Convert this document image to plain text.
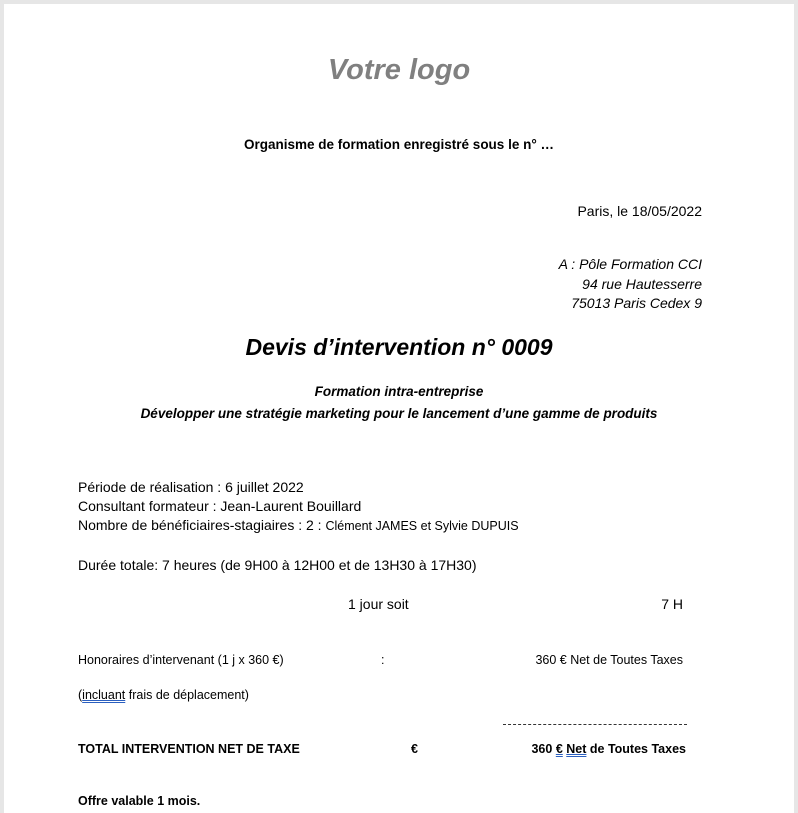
Votre logo
Organisme de formation enregistré sous le n° …
Paris, le 18/05/2022
A : Pôle Formation CCI
94 rue Hautesserre
75013 Paris Cedex 9
Devis d’intervention n° 0009
Formation intra-entreprise
Développer une stratégie marketing pour le lancement d’une gamme de produits
Période de réalisation : 6 juillet 2022
Consultant formateur : Jean-Laurent Bouillard
Nombre de bénéficiaires-stagiaires : 2 : Clément JAMES et Sylvie DUPUIS
Durée totale: 7 heures (de 9H00 à 12H00 et de 13H30 à 17H30)
1 jour soit	7 H
Honoraires d’intervenant (1 j x 360 €)	:	360 € Net de Toutes Taxes
(incluant frais de déplacement)
TOTAL INTERVENTION NET DE TAXE	€	360 € Net de Toutes Taxes
Offre valable 1 mois.
